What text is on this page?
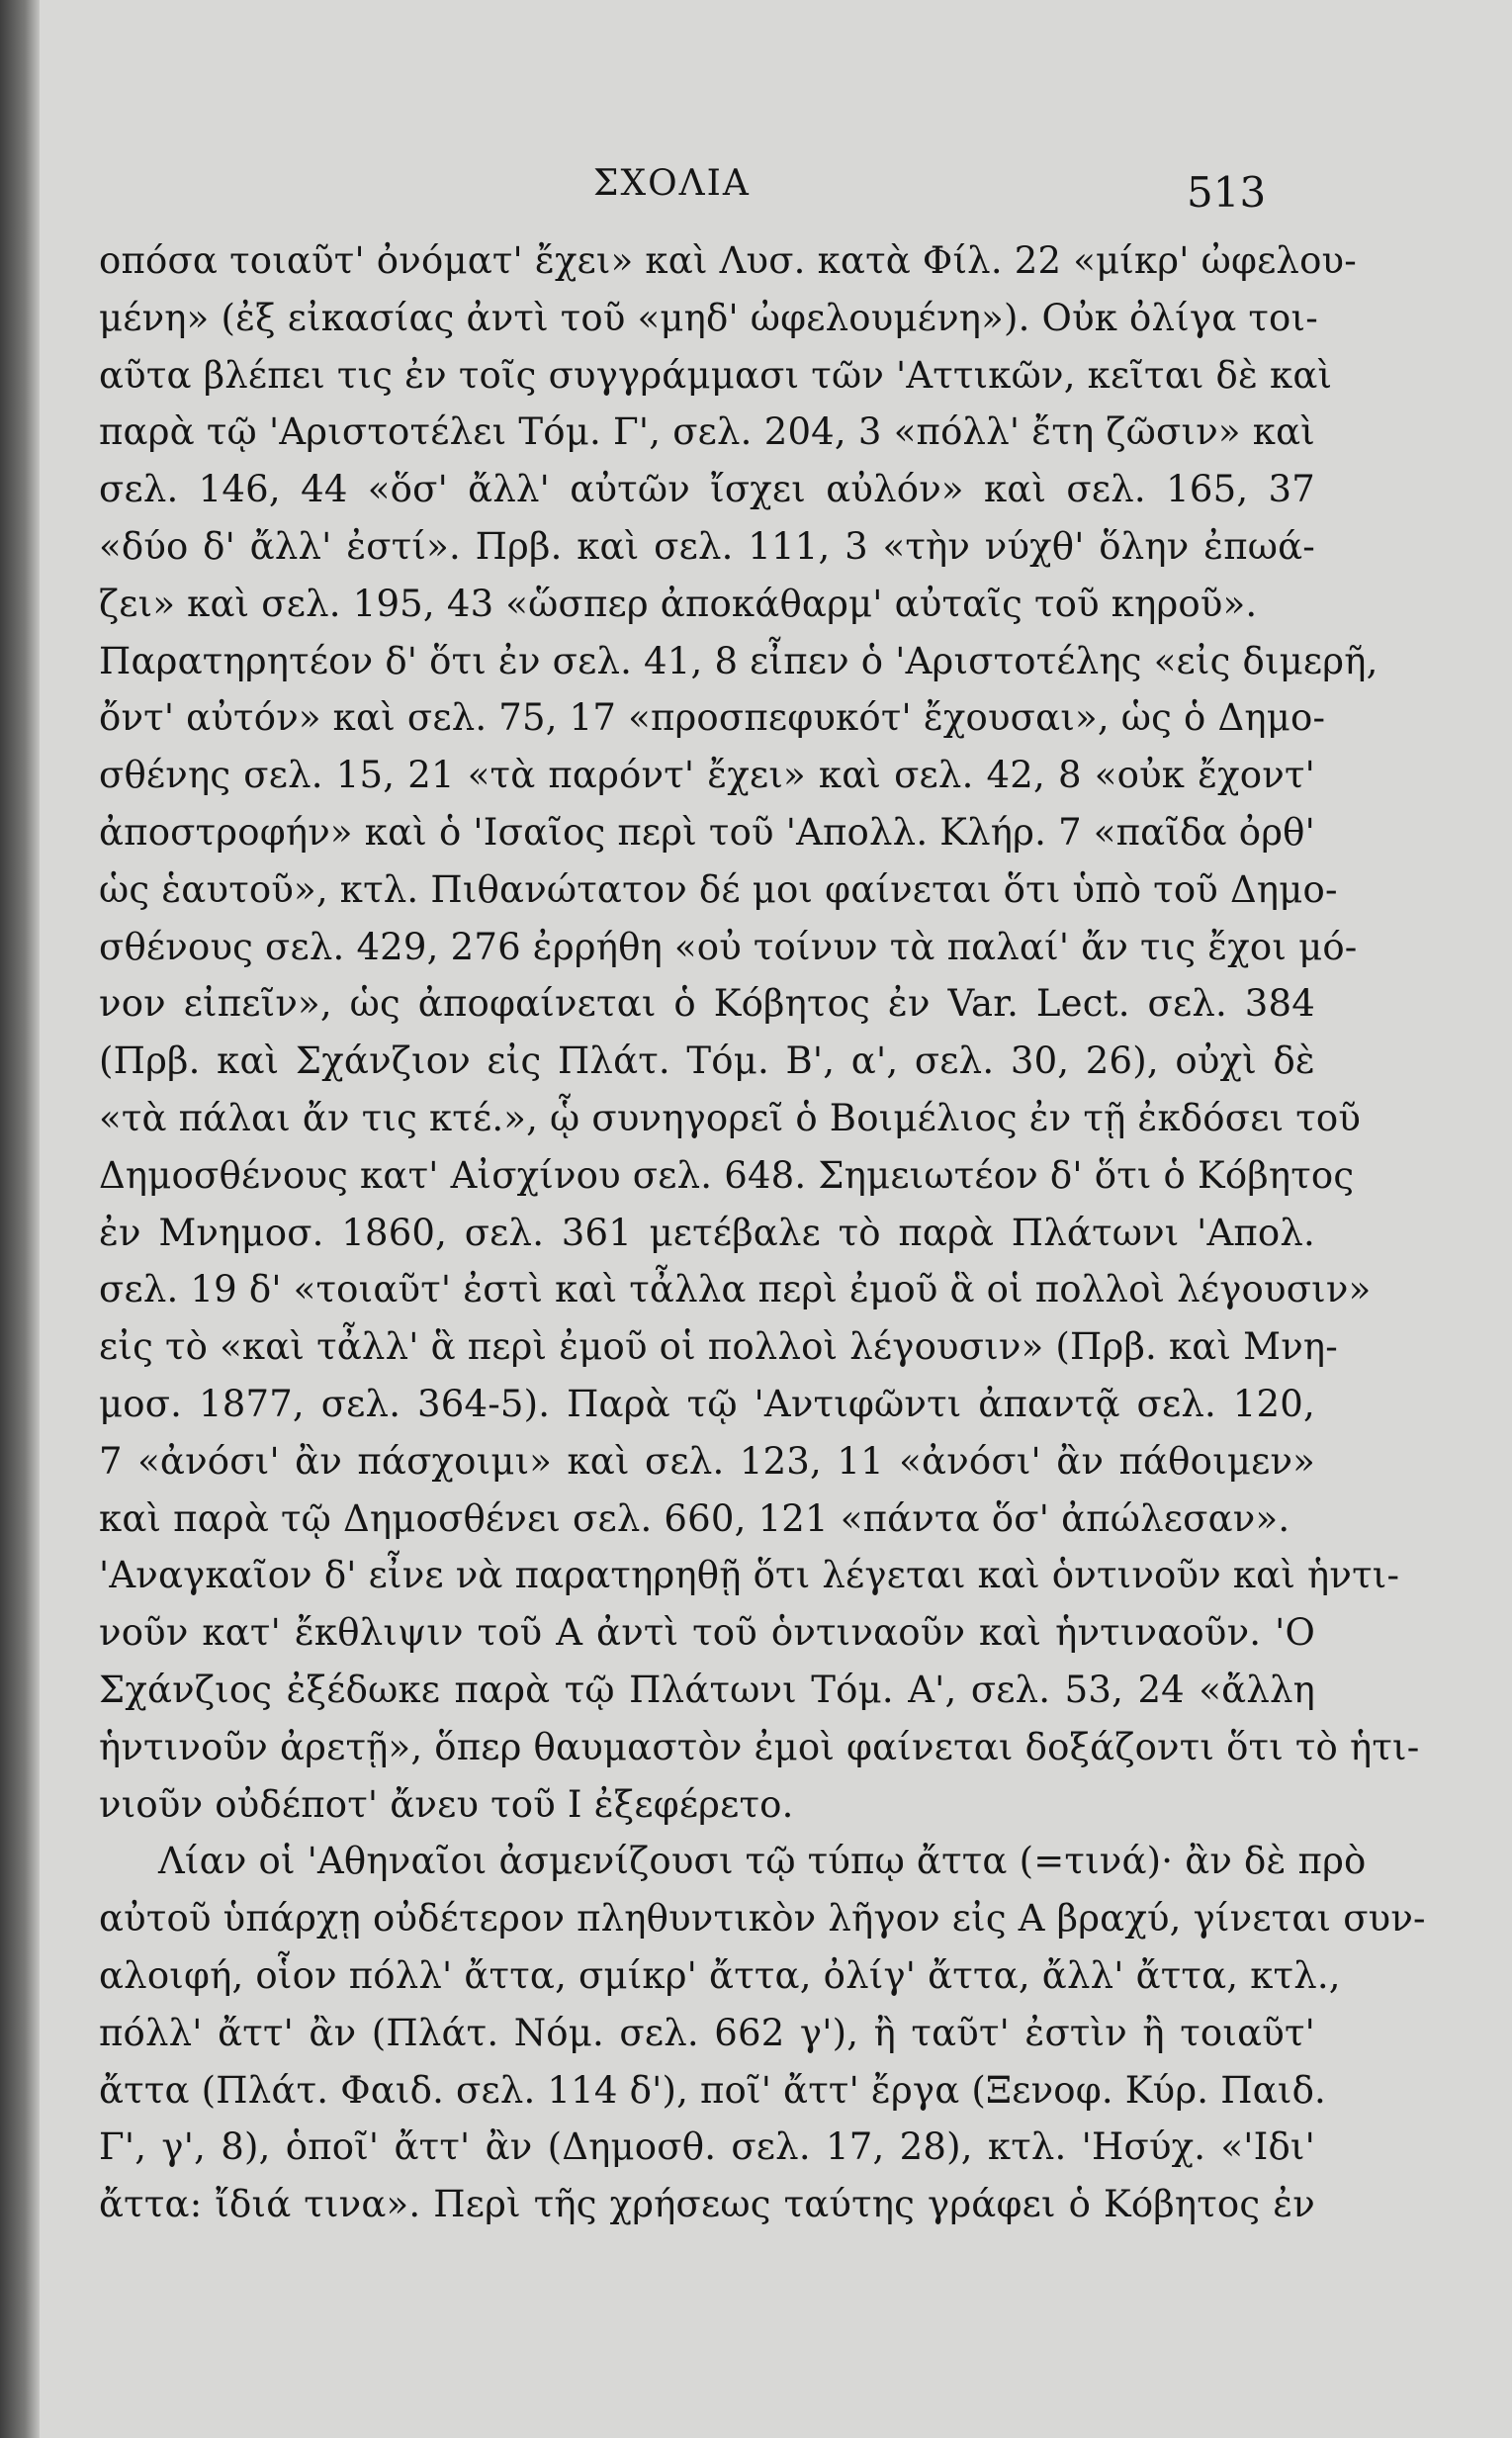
ΣΧΟΛΙΑ	513
οπόσα τοιαῦτ' ὀνόματ' ἔχει» καὶ Λυσ. κατὰ Φίλ. 22 «μίκρ' ὠφελου-
μένη» (ἐξ εἰκασίας ἀντὶ τοῦ «μηδ' ὠφελουμένη»). Οὐκ ὀλίγα τοι-
αῦτα βλέπει τις ἐν τοῖς συγγράμμασι τῶν 'Αττικῶν, κεῖται δὲ καὶ
παρὰ τῷ 'Αριστοτέλει Τόμ. Γ', σελ. 204, 3 «πόλλ' ἔτη ζῶσιν» καὶ
σελ. 146, 44 «ὅσ' ἄλλ' αὐτῶν ἴσχει αὐλόν» καὶ σελ. 165, 37
«δύο δ' ἄλλ' ἐστί». Πρβ. καὶ σελ. 111, 3 «τὴν νύχθ' ὅλην ἐπωά-
ζει» καὶ σελ. 195, 43 «ὥσπερ ἀποκάθαρμ' αὐταῖς τοῦ κηροῦ».
Παρατηρητέον δ' ὅτι ἐν σελ. 41, 8 εἶπεν ὁ 'Αριστοτέλης «εἰς διμερῆ,
ὄντ' αὐτόν» καὶ σελ. 75, 17 «προσπεφυκότ' ἔχουσαι», ὡς ὁ Δημο-
σθένης σελ. 15, 21 «τὰ παρόντ' ἔχει» καὶ σελ. 42, 8 «οὐκ ἔχοντ'
ἀποστροφήν» καὶ ὁ 'Ισαῖος περὶ τοῦ 'Απολλ. Κλήρ. 7 «παῖδα ὀρθ'
ὡς ἑαυτοῦ», κτλ. Πιθανώτατον δέ μοι φαίνεται ὅτι ὑπὸ τοῦ Δημο-
σθένους σελ. 429, 276 ἐρρήθη «οὐ τοίνυν τὰ παλαί' ἄν τις ἔχοι μό-
νον εἰπεῖν», ὡς ἀποφαίνεται ὁ Κόβητος ἐν Var. Lect. σελ. 384
(Πρβ. καὶ Σχάνζιον εἰς Πλάτ. Τόμ. Β', α', σελ. 30, 26), οὐχὶ δὲ
«τὰ πάλαι ἄν τις κτέ.», ᾧ συνηγορεῖ ὁ Βοιμέλιος ἐν τῇ ἐκδόσει τοῦ
Δημοσθένους κατ' Αἰσχίνου σελ. 648. Σημειωτέον δ' ὅτι ὁ Κόβητος
ἐν Μνημοσ. 1860, σελ. 361 μετέβαλε τὸ παρὰ Πλάτωνι 'Απολ.
σελ. 19 δ' «τοιαῦτ' ἐστὶ καὶ τἆλλα περὶ ἐμοῦ ἃ οἱ πολλοὶ λέγουσιν»
εἰς τὸ «καὶ τἆλλ' ἃ περὶ ἐμοῦ οἱ πολλοὶ λέγουσιν» (Πρβ. καὶ Μνη-
μοσ. 1877, σελ. 364-5). Παρὰ τῷ 'Αντιφῶντι ἀπαντᾷ σελ. 120,
7 «ἀνόσι' ἂν πάσχοιμι» καὶ σελ. 123, 11 «ἀνόσι' ἂν πάθοιμεν»
καὶ παρὰ τῷ Δημοσθένει σελ. 660, 121 «πάντα ὅσ' ἀπώλεσαν».
'Αναγκαῖον δ' εἶνε νὰ παρατηρηθῇ ὅτι λέγεται καὶ ὁντινοῦν καὶ ἡντι-
νοῦν κατ' ἔκθλιψιν τοῦ Α ἀντὶ τοῦ ὁντιναοῦν καὶ ἡντιναοῦν. 'Ο
Σχάνζιος ἐξέδωκε παρὰ τῷ Πλάτωνι Τόμ. Α', σελ. 53, 24 «ἄλλη
ἡντινοῦν ἀρετῇ», ὅπερ θαυμαστὸν ἐμοὶ φαίνεται δοξάζοντι ὅτι τὸ ἡτι-
νιοῦν οὐδέποτ' ἄνευ τοῦ Ι ἐξεφέρετο.
Λίαν οἱ 'Αθηναῖοι ἀσμενίζουσι τῷ τύπῳ ἄττα (=τινά)· ἂν δὲ πρὸ
αὐτοῦ ὑπάρχῃ οὐδέτερον πληθυντικὸν λῆγον εἰς Α βραχύ, γίνεται συν-
αλοιφή, οἷον πόλλ' ἄττα, σμίκρ' ἄττα, ὀλίγ' ἄττα, ἄλλ' ἄττα, κτλ.,
πόλλ' ἄττ' ἂν (Πλάτ. Νόμ. σελ. 662 γ'), ἢ ταῦτ' ἐστὶν ἢ τοιαῦτ'
ἄττα (Πλάτ. Φαιδ. σελ. 114 δ'), ποῖ' ἄττ' ἔργα (Ξενοφ. Κύρ. Παιδ.
Γ', γ', 8), ὁποῖ' ἄττ' ἂν (Δημοσθ. σελ. 17, 28), κτλ. 'Ησύχ. «'Ιδι'
ἄττα: ἴδιά τινα». Περὶ τῆς χρήσεως ταύτης γράφει ὁ Κόβητος ἐν
